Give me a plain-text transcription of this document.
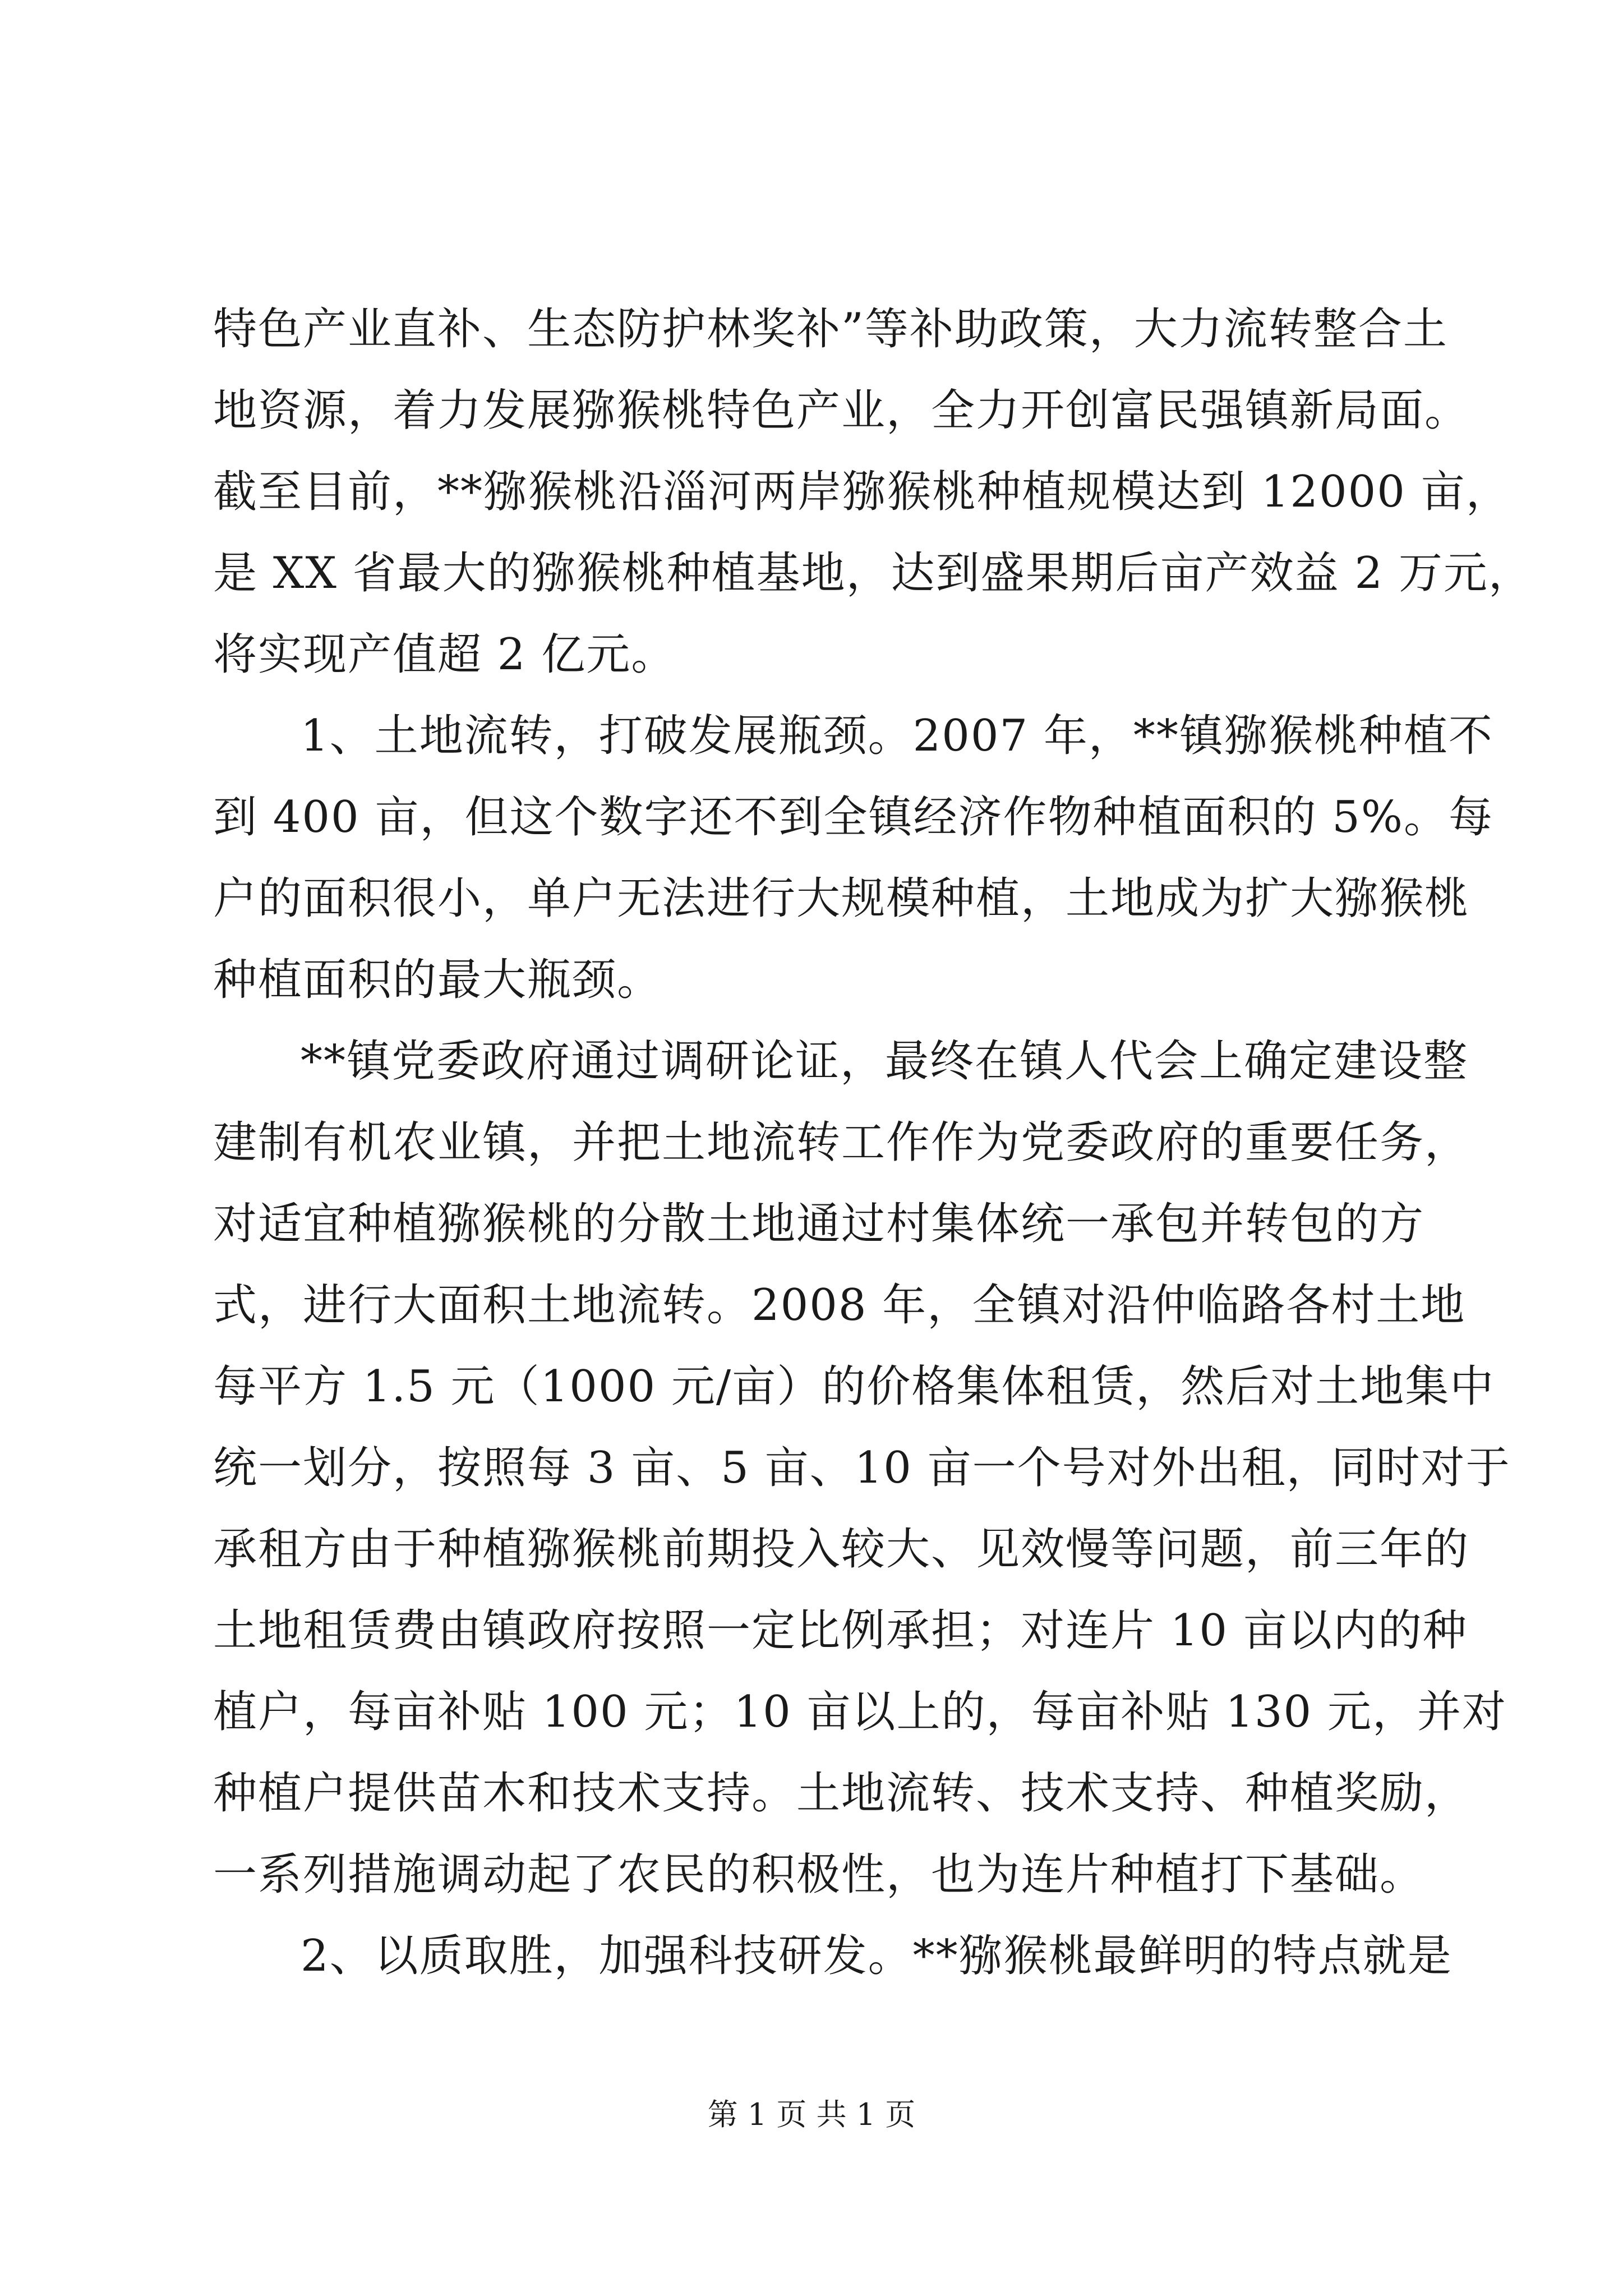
特色产业直补、生态防护林奖补”等补助政策，大力流转整合土
地资源，着力发展猕猴桃特色产业，全力开创富民强镇新局面。
截至目前，**猕猴桃沿淄河两岸猕猴桃种植规模达到 12000 亩，
是 XX 省最大的猕猴桃种植基地，达到盛果期后亩产效益 2 万元，
将实现产值超 2 亿元。
1、土地流转，打破发展瓶颈。2007 年，**镇猕猴桃种植不
到 400 亩，但这个数字还不到全镇经济作物种植面积的 5%。每
户的面积很小，单户无法进行大规模种植，土地成为扩大猕猴桃
种植面积的最大瓶颈。
**镇党委政府通过调研论证，最终在镇人代会上确定建设整
建制有机农业镇，并把土地流转工作作为党委政府的重要任务，
对适宜种植猕猴桃的分散土地通过村集体统一承包并转包的方
式，进行大面积土地流转。2008 年，全镇对沿仲临路各村土地
每平方 1.5 元（1000 元/亩）的价格集体租赁，然后对土地集中
统一划分，按照每 3 亩、5 亩、10 亩一个号对外出租，同时对于
承租方由于种植猕猴桃前期投入较大、见效慢等问题，前三年的
土地租赁费由镇政府按照一定比例承担；对连片 10 亩以内的种
植户，每亩补贴 100 元；10 亩以上的，每亩补贴 130 元，并对
种植户提供苗木和技术支持。土地流转、技术支持、种植奖励，
一系列措施调动起了农民的积极性，也为连片种植打下基础。
2、以质取胜，加强科技研发。**猕猴桃最鲜明的特点就是
第 1 页 共 1 页
